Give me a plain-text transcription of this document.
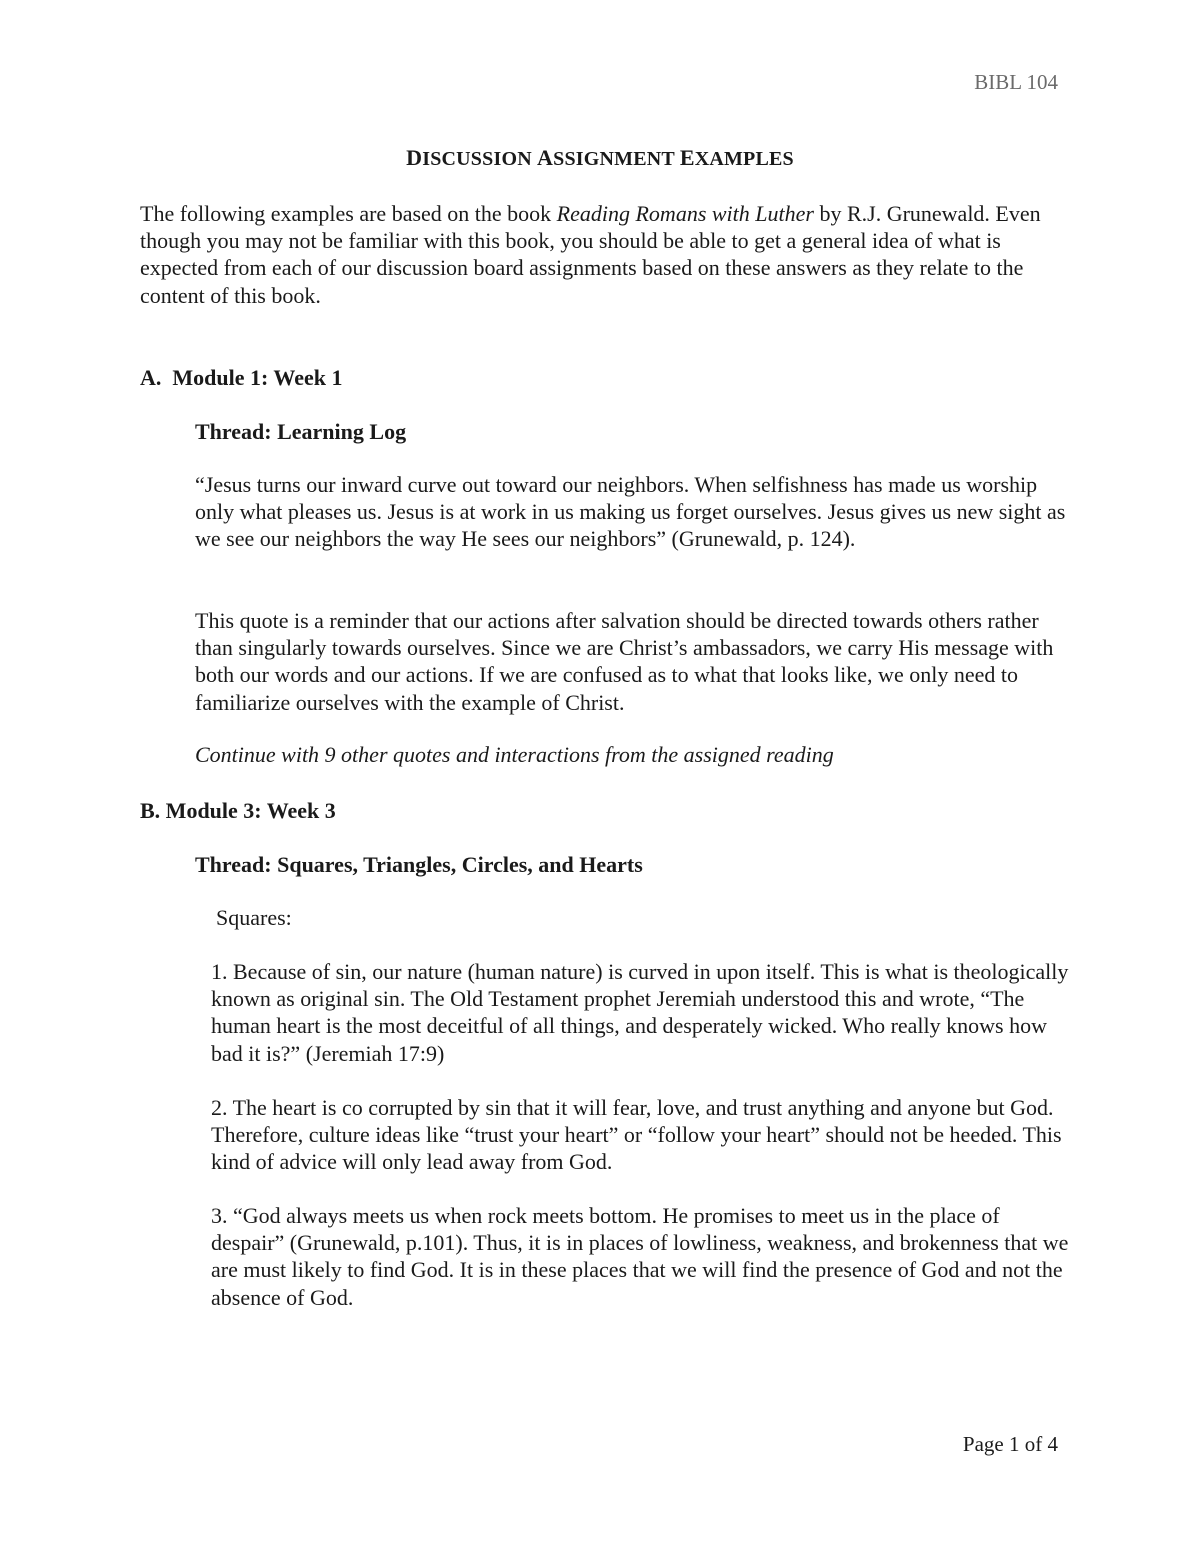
BIBL 104
DISCUSSION ASSIGNMENT EXAMPLES

The following examples are based on the book Reading Romans with Luther by R.J. Grunewald. Even though you may not be familiar with this book, you should be able to get a general idea of what is expected from each of our discussion board assignments based on these answers as they relate to the content of this book.

A.  Module 1: Week 1
Thread: Learning Log

“Jesus turns our inward curve out toward our neighbors. When selfishness has made us worship only what pleases us. Jesus is at work in us making us forget ourselves. Jesus gives us new sight as we see our neighbors the way He sees our neighbors” (Grunewald, p. 124).

This quote is a reminder that our actions after salvation should be directed towards others rather than singularly towards ourselves. Since we are Christ’s ambassadors, we carry His message with both our words and our actions. If we are confused as to what that looks like, we only need to familiarize ourselves with the example of Christ.

Continue with 9 other quotes and interactions from the assigned reading

B. Module 3: Week 3
Thread: Squares, Triangles, Circles, and Hearts

Squares:

1. Because of sin, our nature (human nature) is curved in upon itself. This is what is theologically known as original sin. The Old Testament prophet Jeremiah understood this and wrote, “The human heart is the most deceitful of all things, and desperately wicked. Who really knows how bad it is?” (Jeremiah 17:9)

2. The heart is co corrupted by sin that it will fear, love, and trust anything and anyone but God. Therefore, culture ideas like “trust your heart” or “follow your heart” should not be heeded. This kind of advice will only lead away from God.

3. “God always meets us when rock meets bottom. He promises to meet us in the place of despair” (Grunewald, p.101). Thus, it is in places of lowliness, weakness, and brokenness that we are must likely to find God. It is in these places that we will find the presence of God and not the absence of God.

Page 1 of 4
